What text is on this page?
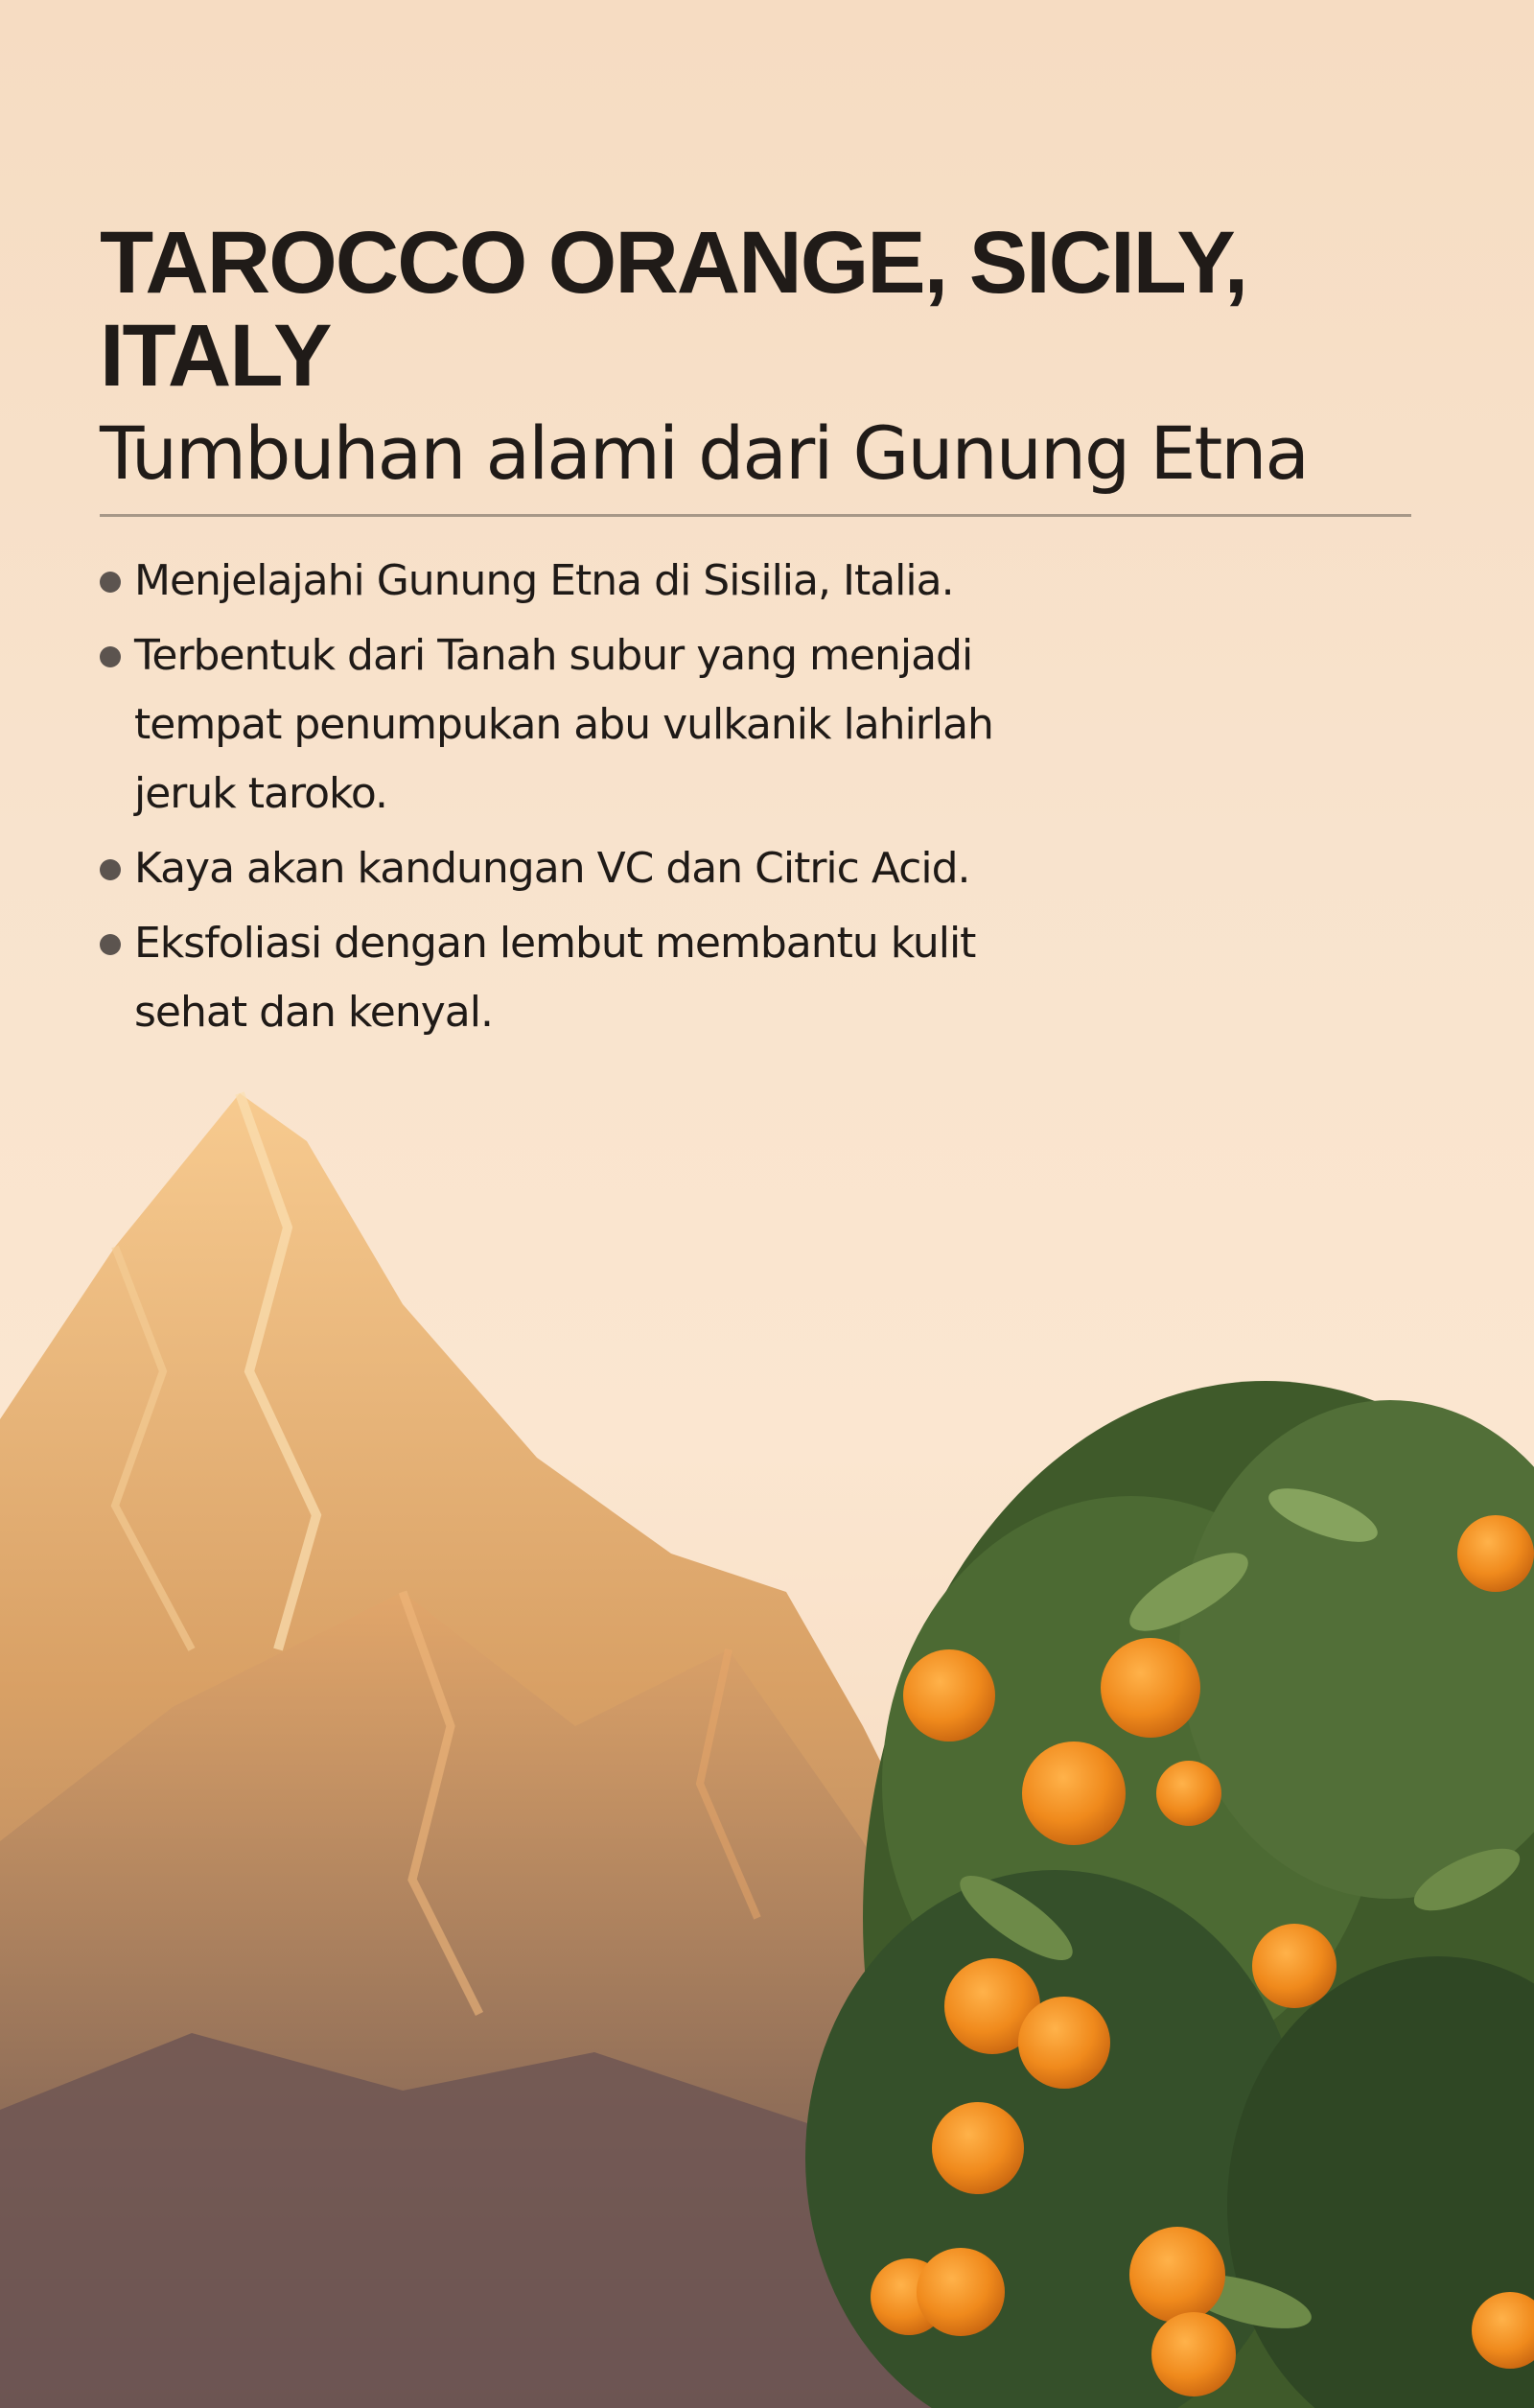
TAROCCO ORANGE, SICILY, ITALY
Tumbuhan alami dari Gunung Etna
Menjelajahi Gunung Etna di Sisilia, Italia.
Terbentuk dari Tanah subur yang menjadi tempat penumpukan abu vulkanik lahirlah jeruk taroko.
Kaya akan kandungan VC dan Citric Acid.
Eksfoliasi dengan lembut membantu kulit sehat dan kenyal.
